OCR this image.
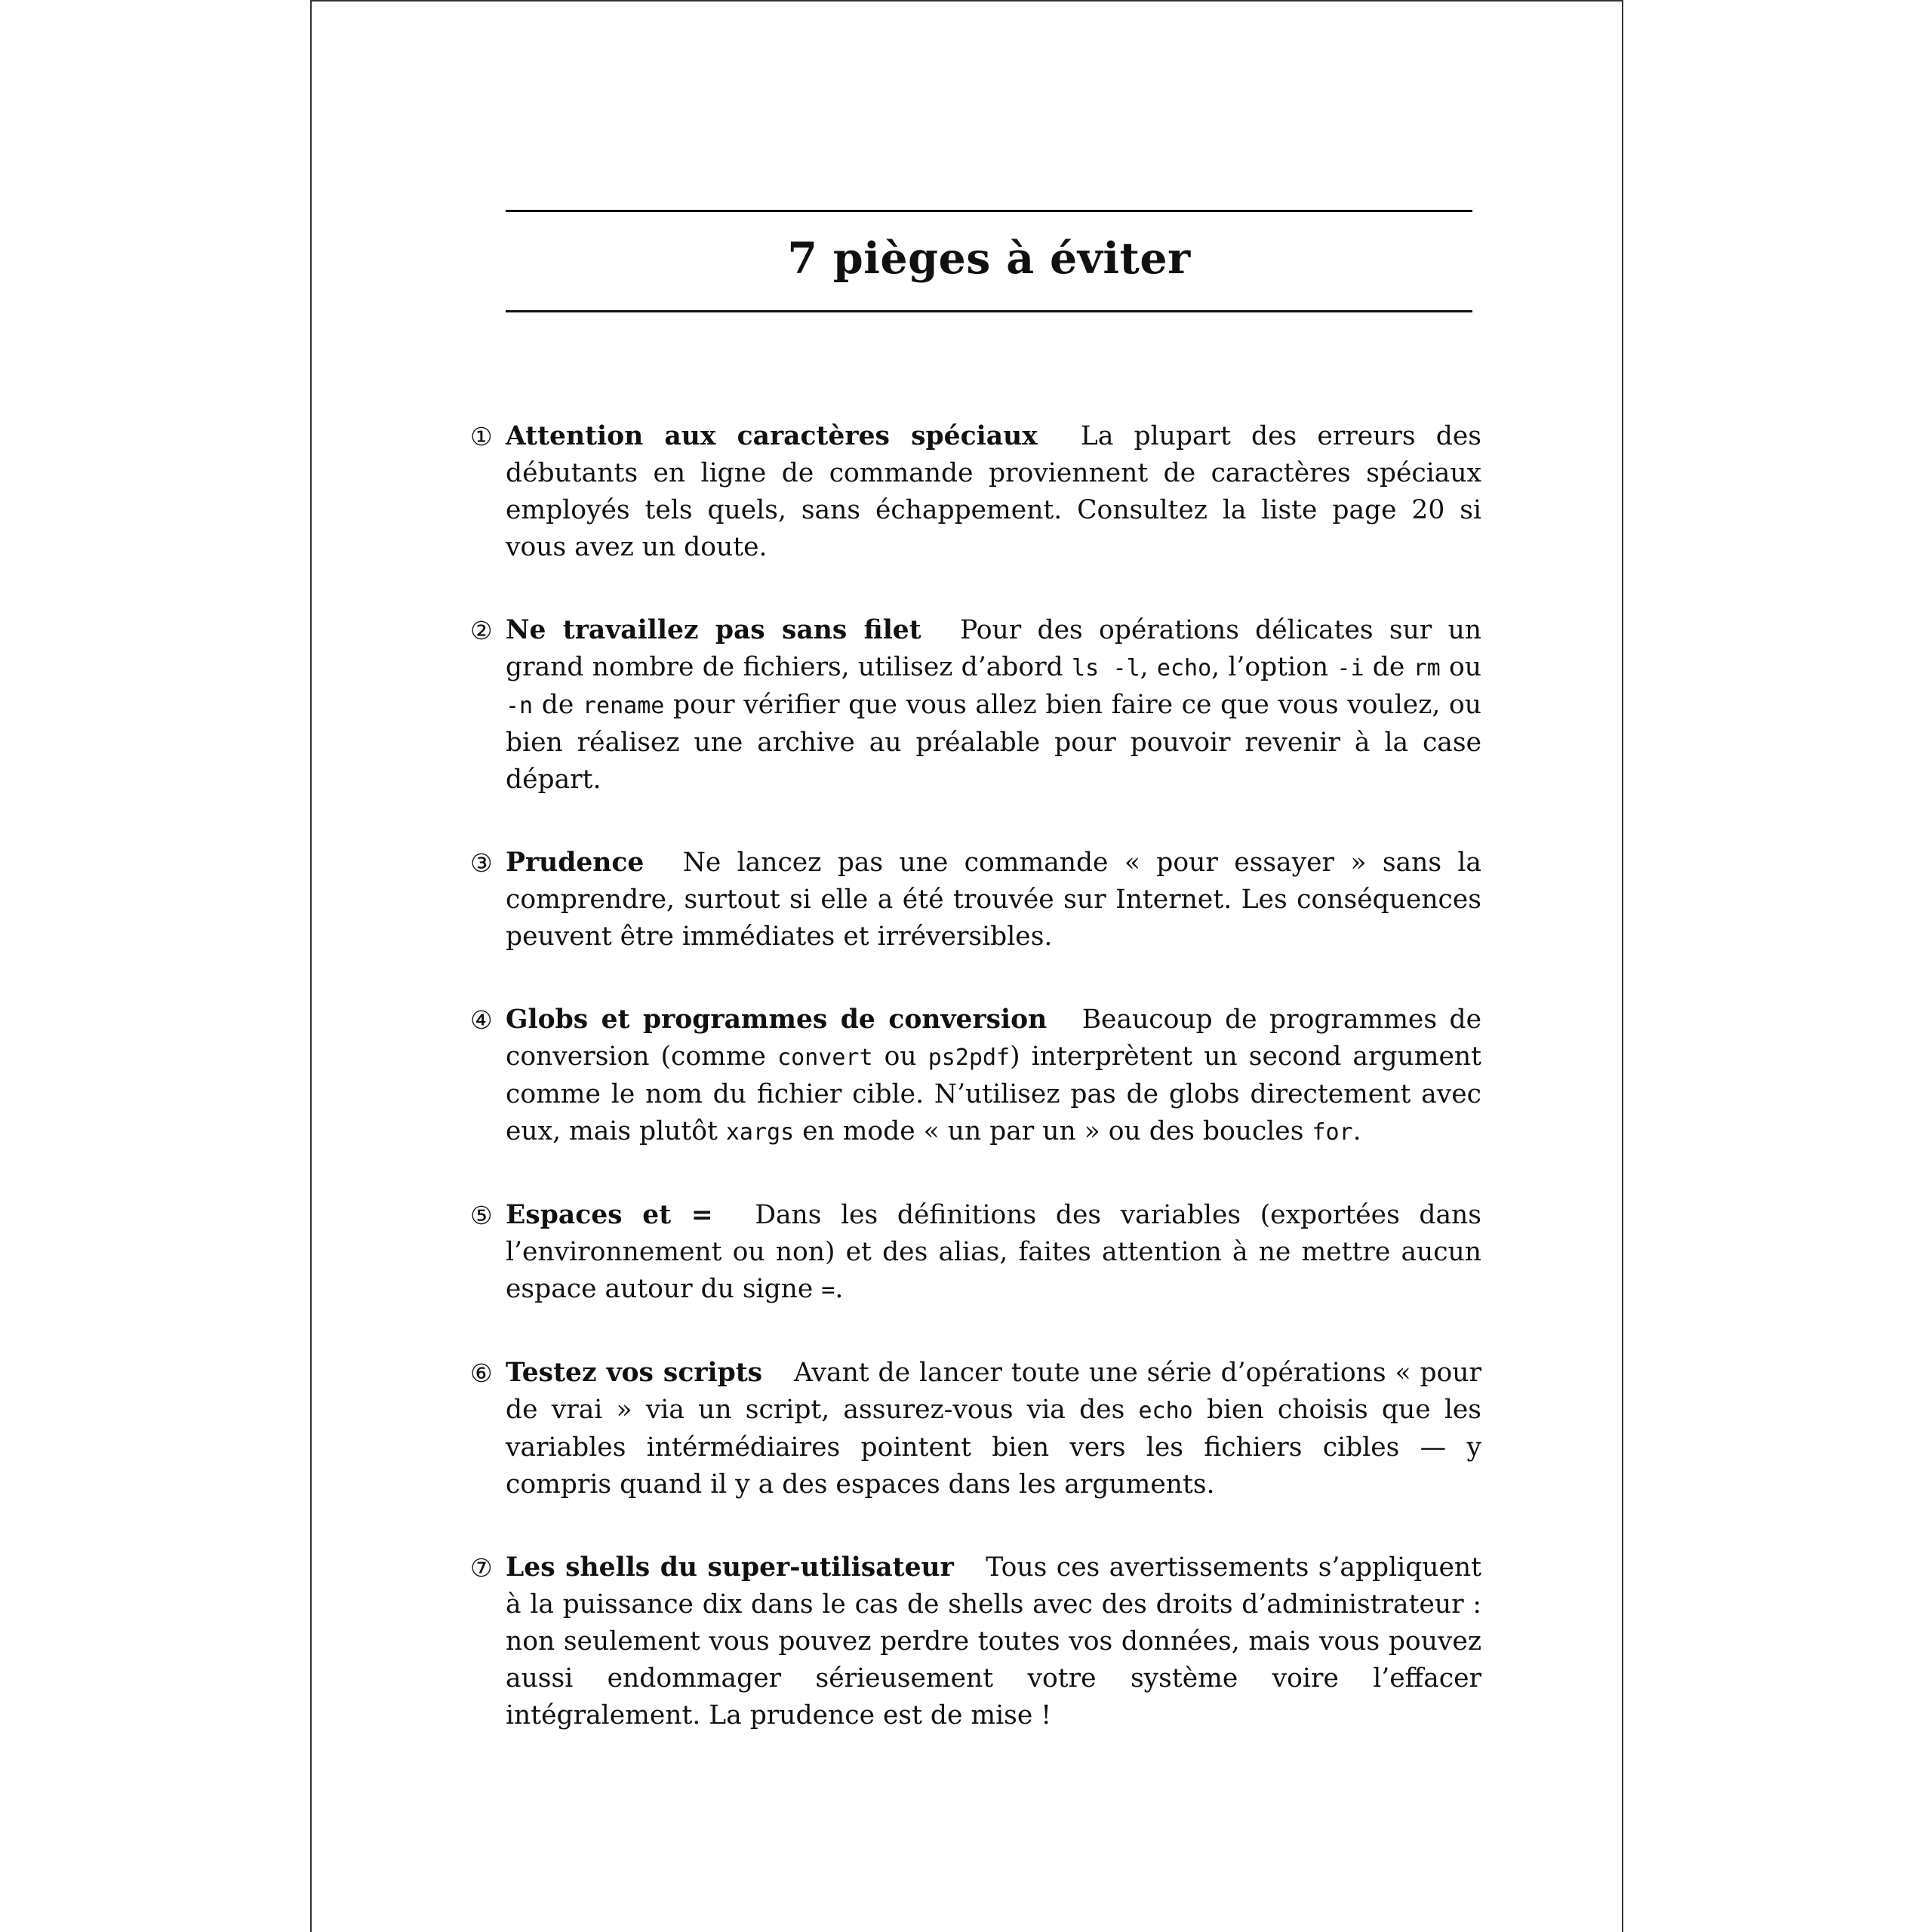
7 pièges à éviter
① Attention aux caractères spéciaux La plupart des erreurs des débutants en ligne de commande proviennent de caractères spéciaux employés tels quels, sans échappement. Consultez la liste page 20 si vous avez un doute.
② Ne travaillez pas sans filet Pour des opérations délicates sur un grand nombre de fichiers, utilisez d’abord ls -l, echo, l’option -i de rm ou -n de rename pour vérifier que vous allez bien faire ce que vous voulez, ou bien réalisez une archive au préalable pour pouvoir revenir à la case départ.
③ Prudence Ne lancez pas une commande « pour essayer » sans la comprendre, surtout si elle a été trouvée sur Internet. Les conséquences peuvent être immédiates et irréversibles.
④ Globs et programmes de conversion Beaucoup de programmes de conversion (comme convert ou ps2pdf) interprètent un second argument comme le nom du fichier cible. N’utilisez pas de globs directement avec eux, mais plutôt xargs en mode « un par un » ou des boucles for.
⑤ Espaces et = Dans les définitions des variables (exportées dans l’environnement ou non) et des alias, faites attention à ne mettre aucun espace autour du signe =.
⑥ Testez vos scripts Avant de lancer toute une série d’opérations « pour de vrai » via un script, assurez-vous via des echo bien choisis que les variables intérmédiaires pointent bien vers les fichiers cibles — y compris quand il y a des espaces dans les arguments.
⑦ Les shells du super-utilisateur Tous ces avertissements s’appliquent à la puissance dix dans le cas de shells avec des droits d’administrateur : non seulement vous pouvez perdre toutes vos données, mais vous pouvez aussi endommager sérieusement votre système voire l’effacer intégralement. La prudence est de mise !
